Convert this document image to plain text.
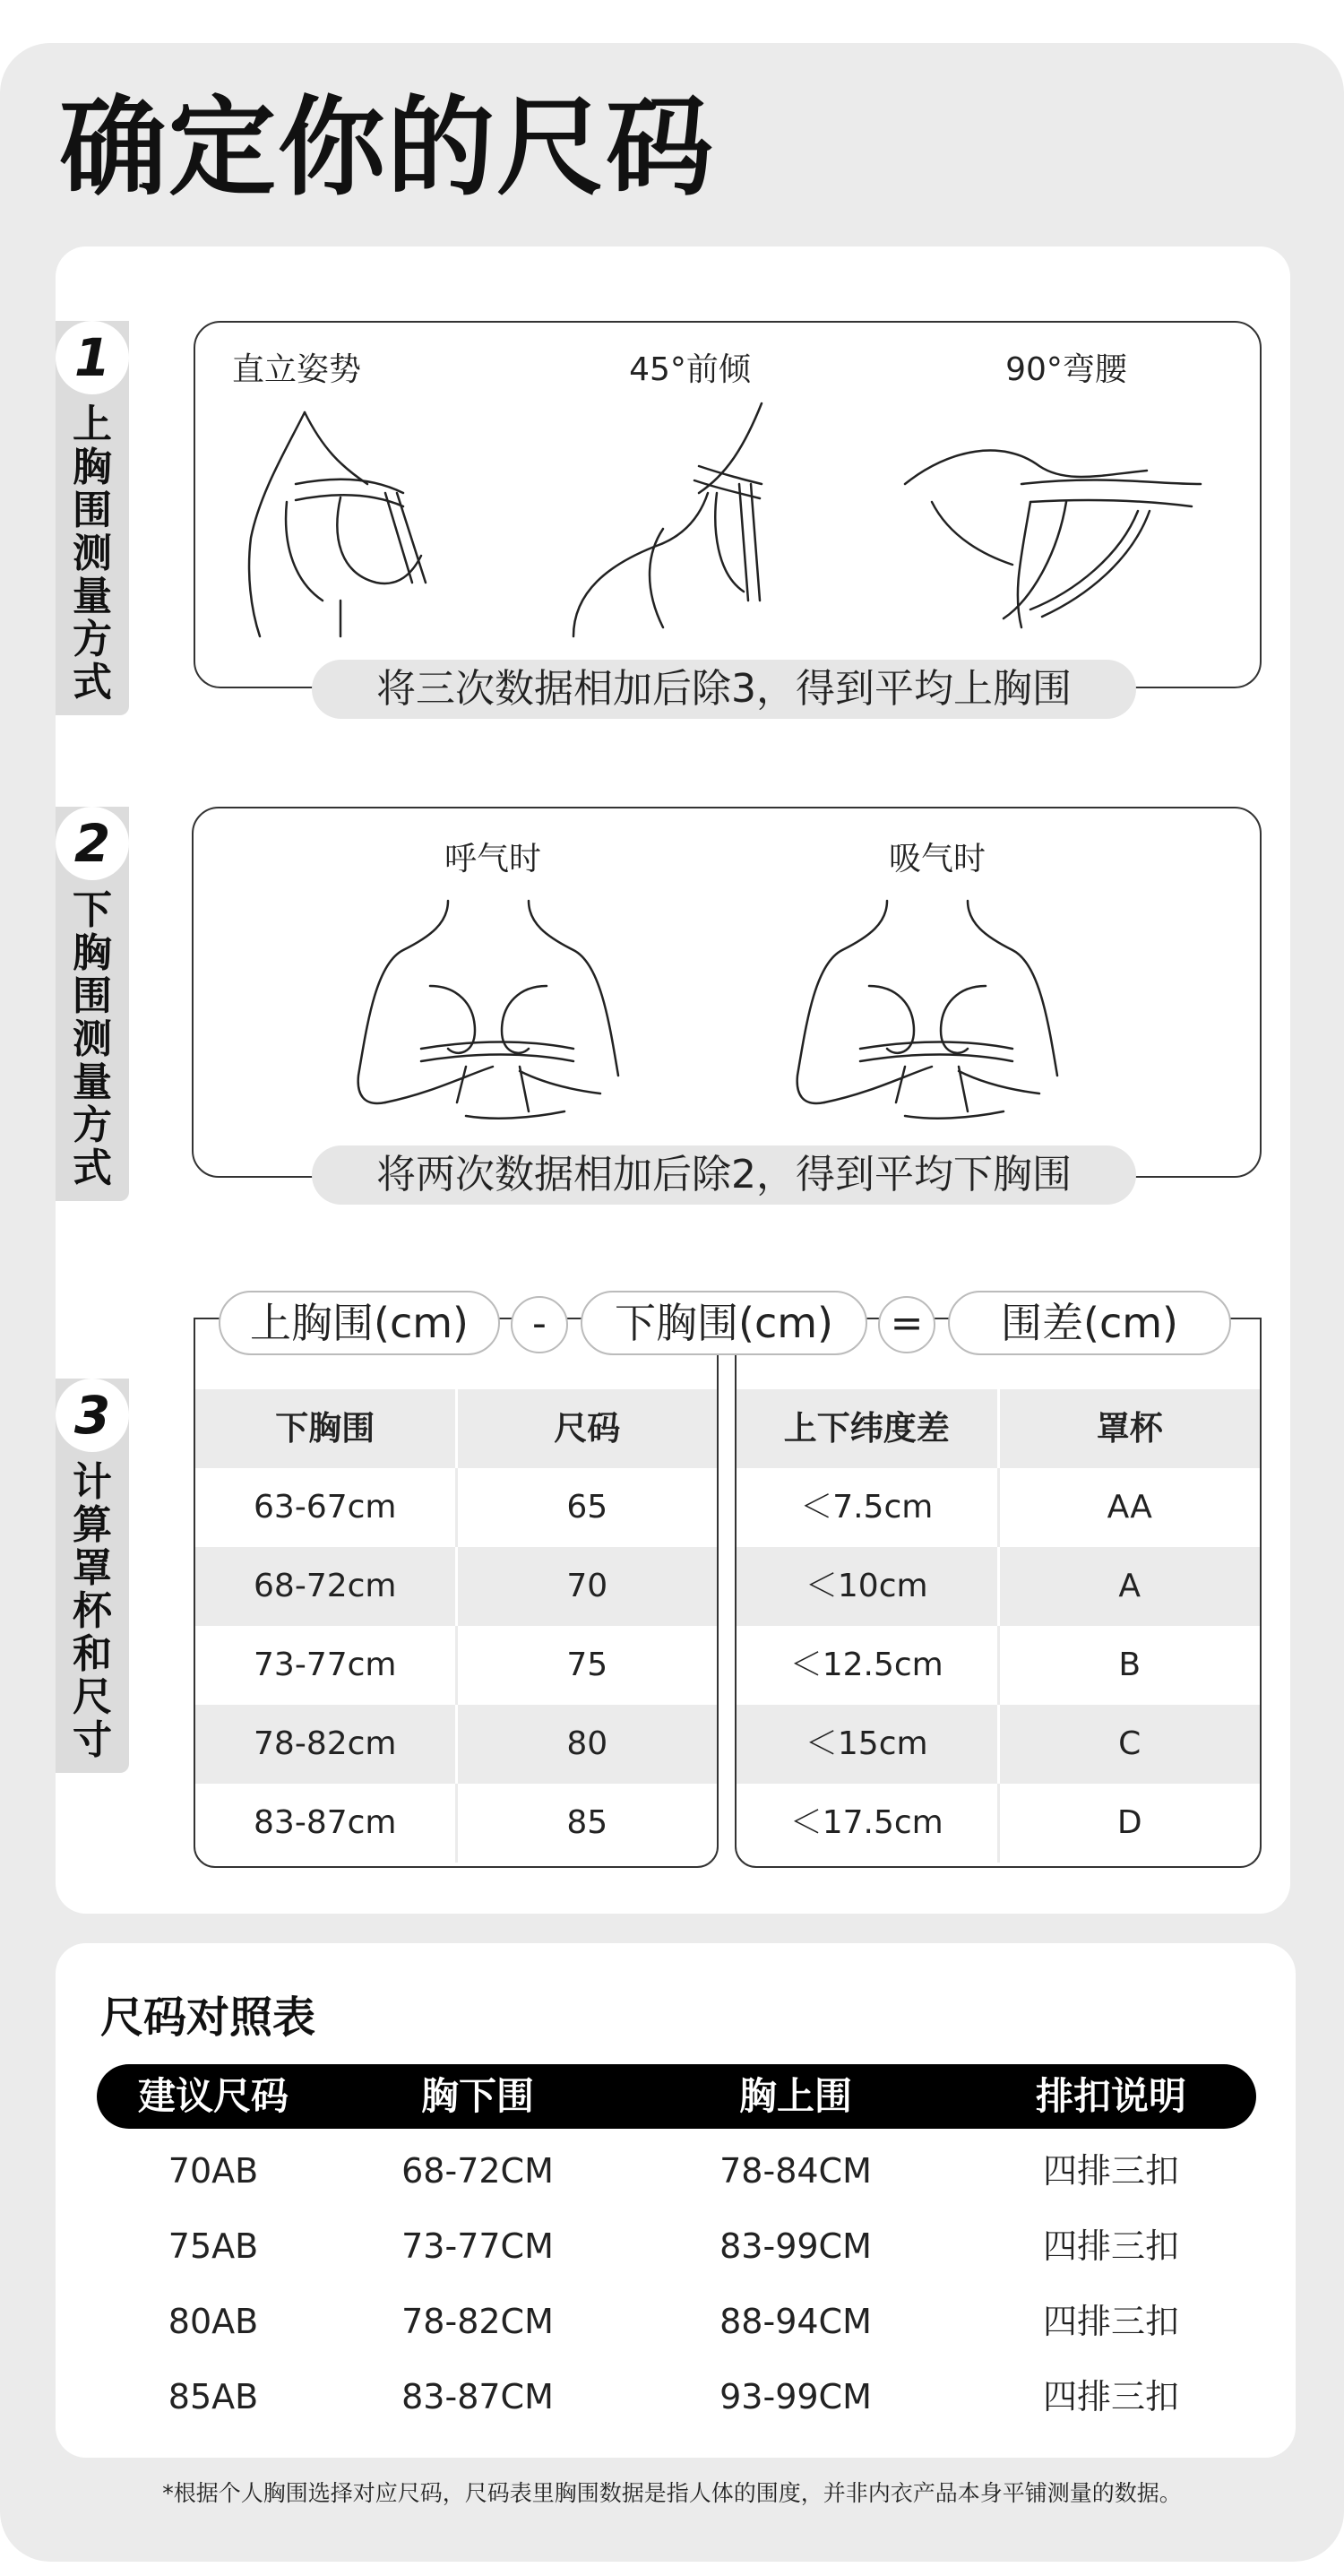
确定你的尺码
1
上胸围测量方式
直立姿势	45°前倾	90°弯腰
将三次数据相加后除3，得到平均上胸围
2
下胸围测量方式
呼气时	吸气时
将两次数据相加后除2，得到平均下胸围
3
计算罩杯和尺寸
下胸围	尺码
63-67cm	65
68-72cm	70
73-77cm	75
78-82cm	80
83-87cm	85
上下纬度差	罩杯
＜7.5cm	AA
＜10cm	A
＜12.5cm	B
＜15cm	C
＜17.5cm	D
上胸围(cm)	-	下胸围(cm)	=	围差(cm)
尺码对照表
建议尺码	胸下围	胸上围	排扣说明
70AB	68-72CM	78-84CM	四排三扣
75AB	73-77CM	83-99CM	四排三扣
80AB	78-82CM	88-94CM	四排三扣
85AB	83-87CM	93-99CM	四排三扣
*根据个人胸围选择对应尺码，尺码表里胸围数据是指人体的围度，并非内衣产品本身平铺测量的数据。
